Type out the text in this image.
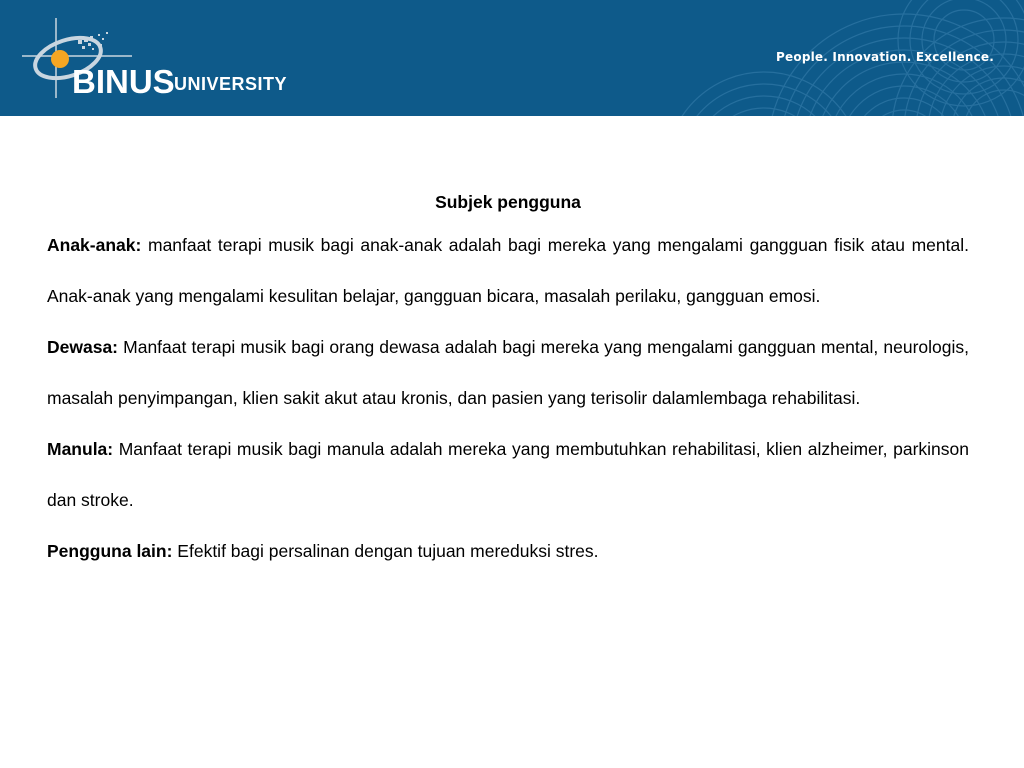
BINUS UNIVERSITY
People. Innovation. Excellence.
Subjek pengguna

Anak-anak: manfaat terapi musik bagi anak-anak adalah bagi mereka yang mengalami gangguan fisik atau mental. Anak-anak yang mengalami kesulitan belajar, gangguan bicara, masalah perilaku, gangguan emosi.

Dewasa: Manfaat terapi musik bagi orang dewasa adalah bagi mereka yang mengalami gangguan mental, neurologis, masalah penyimpangan, klien sakit akut atau kronis, dan pasien yang terisolir dalamlembaga rehabilitasi.

Manula: Manfaat terapi musik bagi manula adalah mereka yang membutuhkan rehabilitasi, klien alzheimer, parkinson dan stroke.

Pengguna lain: Efektif bagi persalinan dengan tujuan mereduksi stres.
